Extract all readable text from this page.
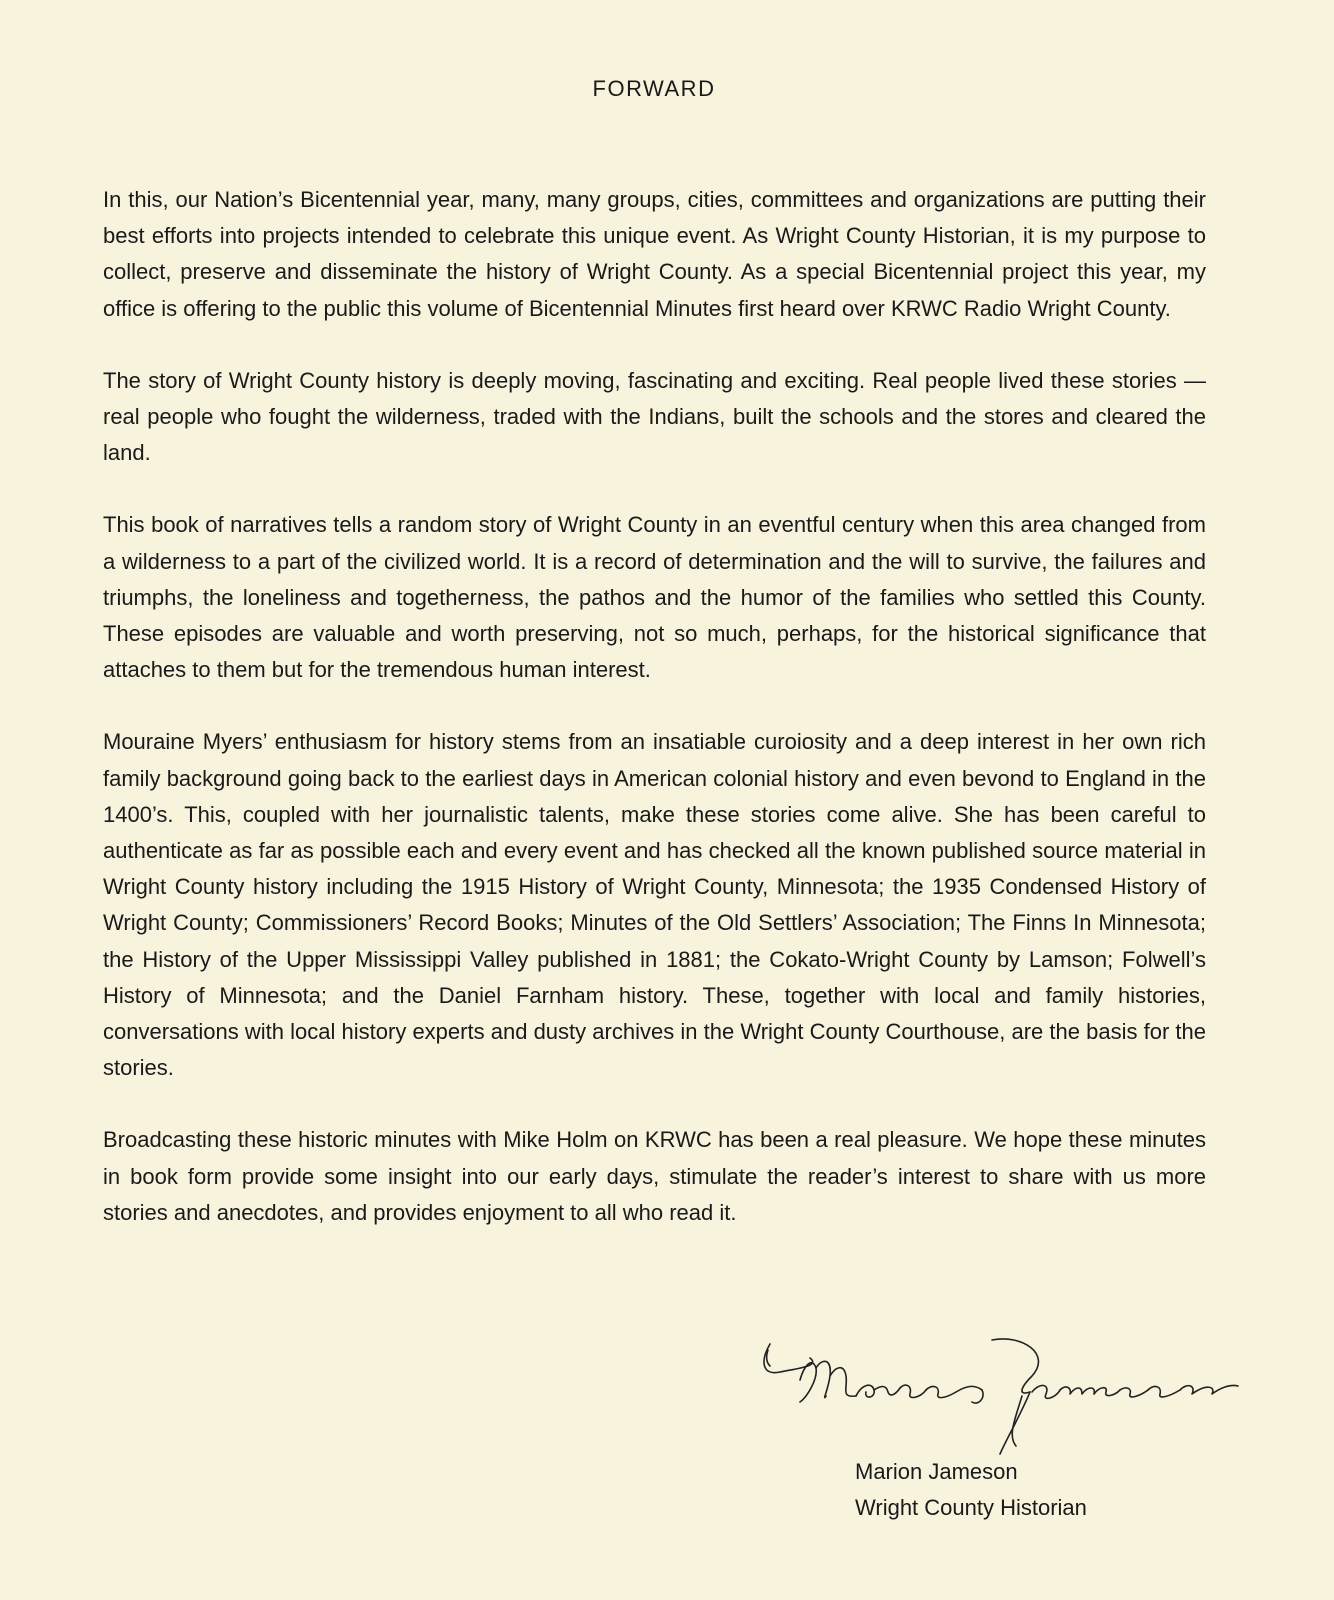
FORWARD

In this, our Nation’s Bicentennial year, many, many groups, cities, committees and organizations are putting their best efforts into projects intended to celebrate this unique event. As Wright County Historian, it is my purpose to collect, preserve and disseminate the history of Wright County. As a special Bicentennial project this year, my office is offering to the public this volume of Bicentennial Minutes first heard over KRWC Radio Wright County.

The story of Wright County history is deeply moving, fascinating and exciting. Real people lived these stories — real people who fought the wilderness, traded with the Indians, built the schools and the stores and cleared the land.

This book of narratives tells a random story of Wright County in an eventful century when this area changed from a wilderness to a part of the civilized world. It is a record of determination and the will to survive, the failures and triumphs, the loneliness and togetherness, the pathos and the humor of the families who settled this County. These episodes are valuable and worth preserving, not so much, perhaps, for the historical significance that attaches to them but for the tremendous human interest.

Mouraine Myers’ enthusiasm for history stems from an insatiable curoiosity and a deep interest in her own rich family background going back to the earliest days in American colonial history and even bevond to England in the 1400’s. This, coupled with her journalistic talents, make these stories come alive. She has been careful to authenticate as far as possible each and every event and has checked all the known published source material in Wright County history including the 1915 History of Wright County, Minnesota; the 1935 Condensed History of Wright County; Commissioners’ Record Books; Minutes of the Old Settlers’ Association; The Finns In Minnesota; the History of the Upper Mississippi Valley published in 1881; the Cokato-Wright County by Lamson; Folwell’s History of Minnesota; and the Daniel Farnham history. These, together with local and family histories, conversations with local history experts and dusty archives in the Wright County Courthouse, are the basis for the stories.

Broadcasting these historic minutes with Mike Holm on KRWC has been a real pleasure. We hope these minutes in book form provide some insight into our early days, stimulate the reader’s interest to share with us more stories and anecdotes, and provides enjoyment to all who read it.

Marion Jameson
Wright County Historian
